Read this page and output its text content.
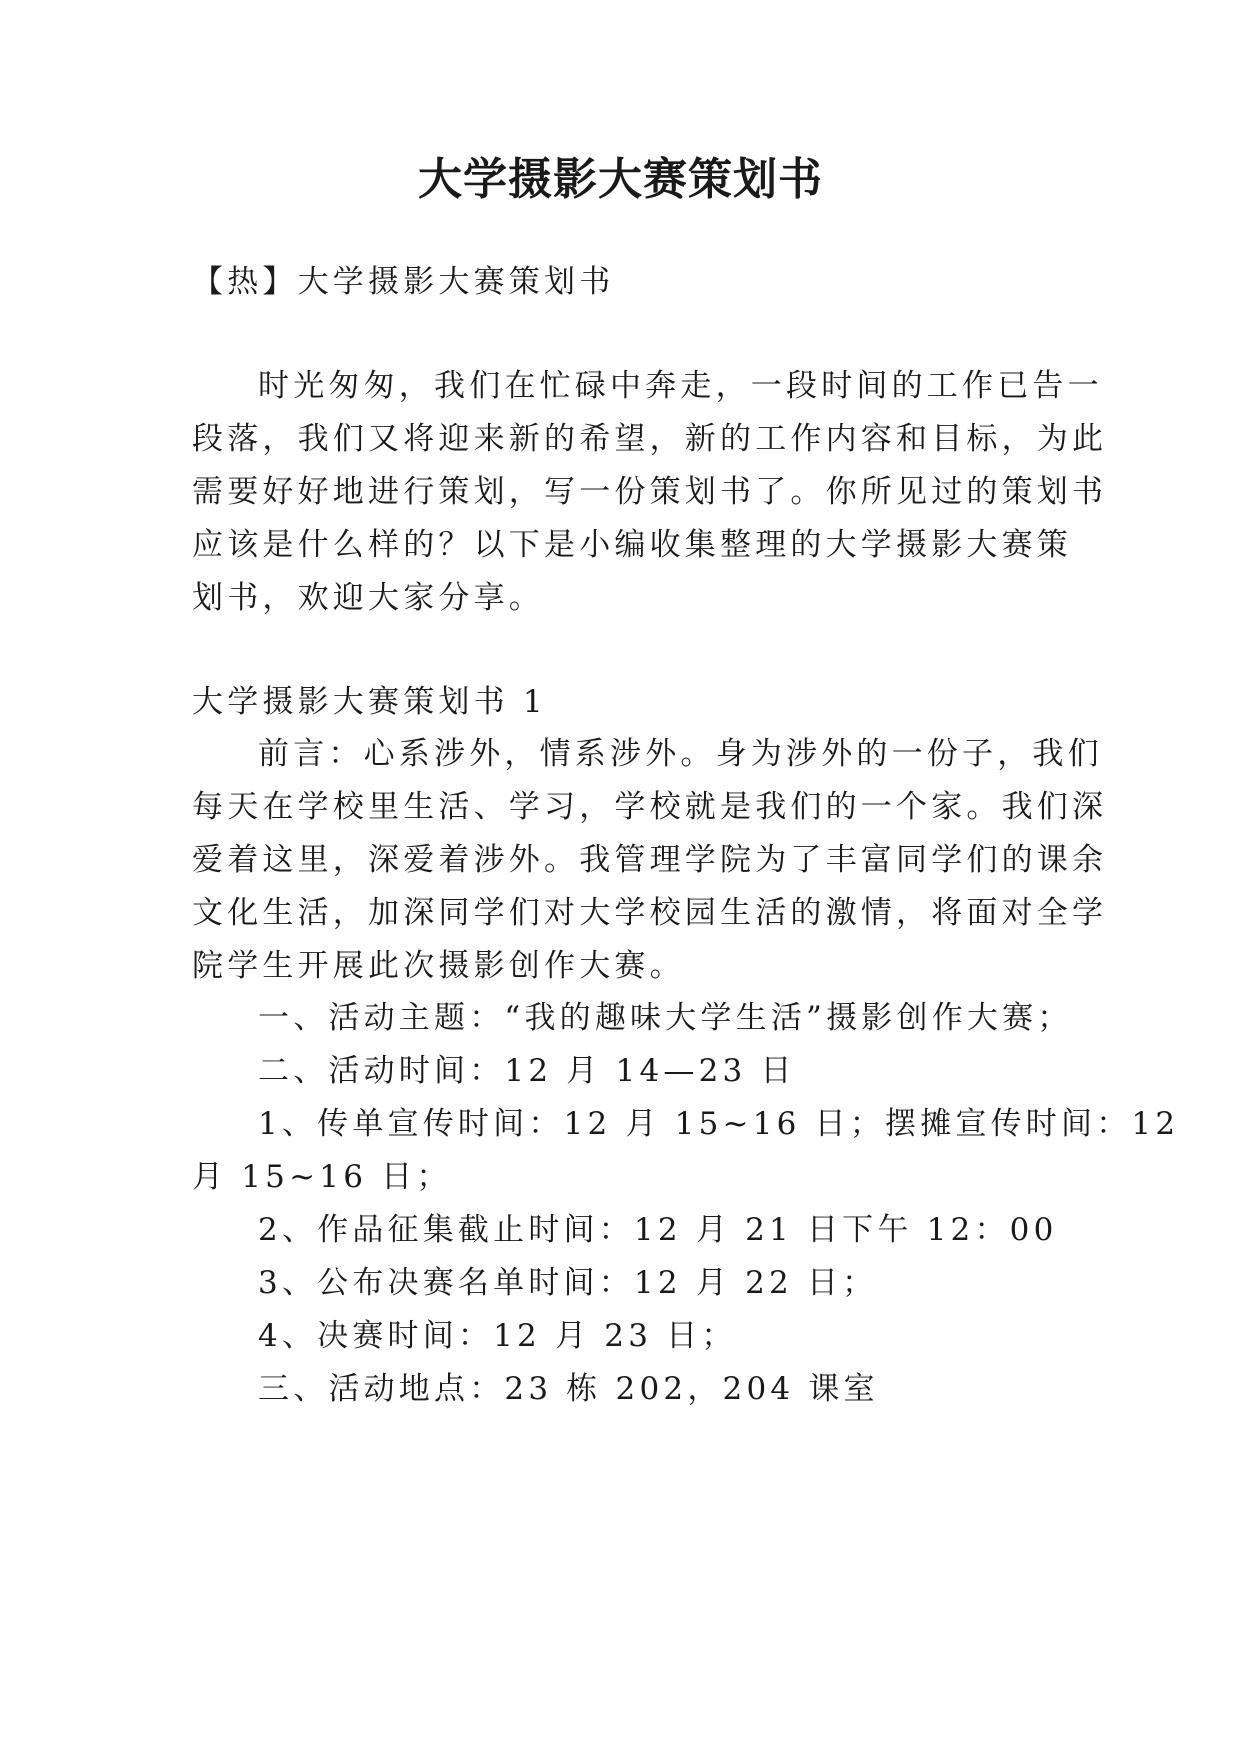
大学摄影大赛策划书
【热】大学摄影大赛策划书
时光匆匆，我们在忙碌中奔走，一段时间的工作已告一
段落，我们又将迎来新的希望，新的工作内容和目标，为此
需要好好地进行策划，写一份策划书了。你所见过的策划书
应该是什么样的？以下是小编收集整理的大学摄影大赛策
划书，欢迎大家分享。
大学摄影大赛策划书 1
前言：心系涉外，情系涉外。身为涉外的一份子，我们
每天在学校里生活、学习，学校就是我们的一个家。我们深
爱着这里，深爱着涉外。我管理学院为了丰富同学们的课余
文化生活，加深同学们对大学校园生活的激情，将面对全学
院学生开展此次摄影创作大赛。
一、活动主题：“我的趣味大学生活”摄影创作大赛；
二、活动时间：12 月 14—23 日
1、传单宣传时间：12 月 15~16 日；摆摊宣传时间：12
月 15~16 日；
2、作品征集截止时间：12 月 21 日下午 12：00
3、公布决赛名单时间：12 月 22 日；
4、决赛时间：12 月 23 日；
三、活动地点：23 栋 202，204 课室
